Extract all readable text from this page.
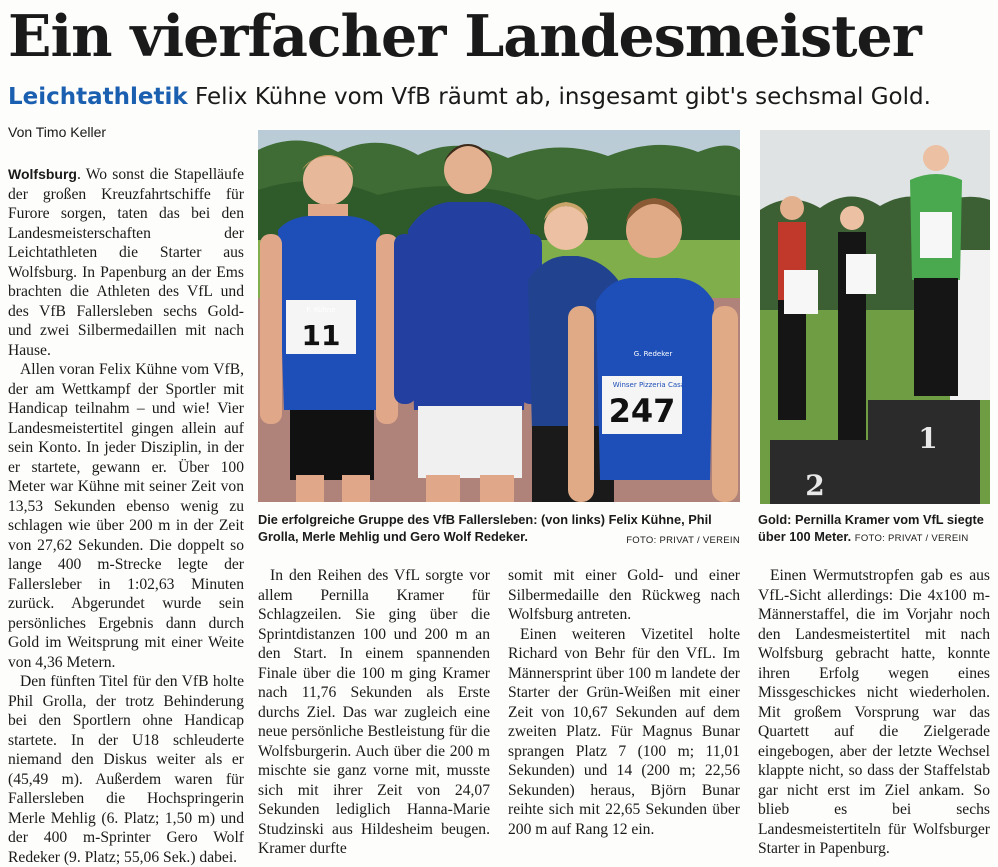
Ein vierfacher Landesmeister
Leichtathletik Felix Kühne vom VfB räumt ab, insgesamt gibt's sechsmal Gold.
Von Timo Keller

Wolfsburg. Wo sonst die Stapelläufe der großen Kreuzfahrtschiffe für Furore sorgen, taten das bei den Landesmeisterschaften der Leichtathleten die Starter aus Wolfsburg. In Papenburg an der Ems brachten die Athleten des VfL und des VfB Fallersleben sechs Gold- und zwei Silbermedaillen mit nach Hause.

Allen voran Felix Kühne vom VfB, der am Wettkampf der Sportler mit Handicap teilnahm – und wie! Vier Landesmeistertitel gingen allein auf sein Konto. In jeder Disziplin, in der er startete, gewann er. Über 100 Meter war Kühne mit seiner Zeit von 13,53 Sekunden ebenso wenig zu schlagen wie über 200 m in der Zeit von 27,62 Sekunden. Die doppelt so lange 400 m-Strecke legte der Fallersleber in 1:02,63 Minuten zurück. Abgerundet wurde sein persönliches Ergebnis dann durch Gold im Weitsprung mit einer Weite von 4,36 Metern.

Den fünften Titel für den VfB holte Phil Grolla, der trotz Behinderung bei den Sportlern ohne Handicap startete. In der U18 schleuderte niemand den Diskus weiter als er (45,49 m). Außerdem waren für Fallersleben die Hochspringerin Merle Mehlig (6. Platz; 1,50 m) und der 400 m-Sprinter Gero Wolf Redeker (9. Platz; 55,06 Sek.) dabei.

11
247
F. Kühne
G. Redeker
Winser Pizzeria Casa Bar
1
2
Die erfolgreiche Gruppe des VfB Fallersleben: (von links) Felix Kühne, Phil Grolla, Merle Mehlig und Gero Wolf Redeker.	FOTO: PRIVAT / VEREIN
Gold: Pernilla Kramer vom VfL siegte über 100 Meter. FOTO: PRIVAT / VEREIN

In den Reihen des VfL sorgte vor allem Pernilla Kramer für Schlagzeilen. Sie ging über die Sprintdistanzen 100 und 200 m an den Start. In einem spannenden Finale über die 100 m ging Kramer nach 11,76 Sekunden als Erste durchs Ziel. Das war zugleich eine neue persönliche Bestleistung für die Wolfsburgerin. Auch über die 200 m mischte sie ganz vorne mit, musste sich mit ihrer Zeit von 24,07 Sekunden lediglich Hanna-Marie Studzinski aus Hildesheim beugen. Kramer durfte

somit mit einer Gold- und einer Silbermedaille den Rückweg nach Wolfsburg antreten.

Einen weiteren Vizetitel holte Richard von Behr für den VfL. Im Männersprint über 100 m landete der Starter der Grün-Weißen mit einer Zeit von 10,67 Sekunden auf dem zweiten Platz. Für Magnus Bunar sprangen Platz 7 (100 m; 11,01 Sekunden) und 14 (200 m; 22,56 Sekunden) heraus, Björn Bunar reihte sich mit 22,65 Sekunden über 200 m auf Rang 12 ein.

Einen Wermutstropfen gab es aus VfL-Sicht allerdings: Die 4x100 m-Männerstaffel, die im Vorjahr noch den Landesmeistertitel mit nach Wolfsburg gebracht hatte, konnte ihren Erfolg wegen eines Missgeschickes nicht wiederholen. Mit großem Vorsprung war das Quartett auf die Zielgerade eingebogen, aber der letzte Wechsel klappte nicht, so dass der Staffelstab gar nicht erst im Ziel ankam. So blieb es bei sechs Landesmeistertiteln für Wolfsburger Starter in Papenburg.
